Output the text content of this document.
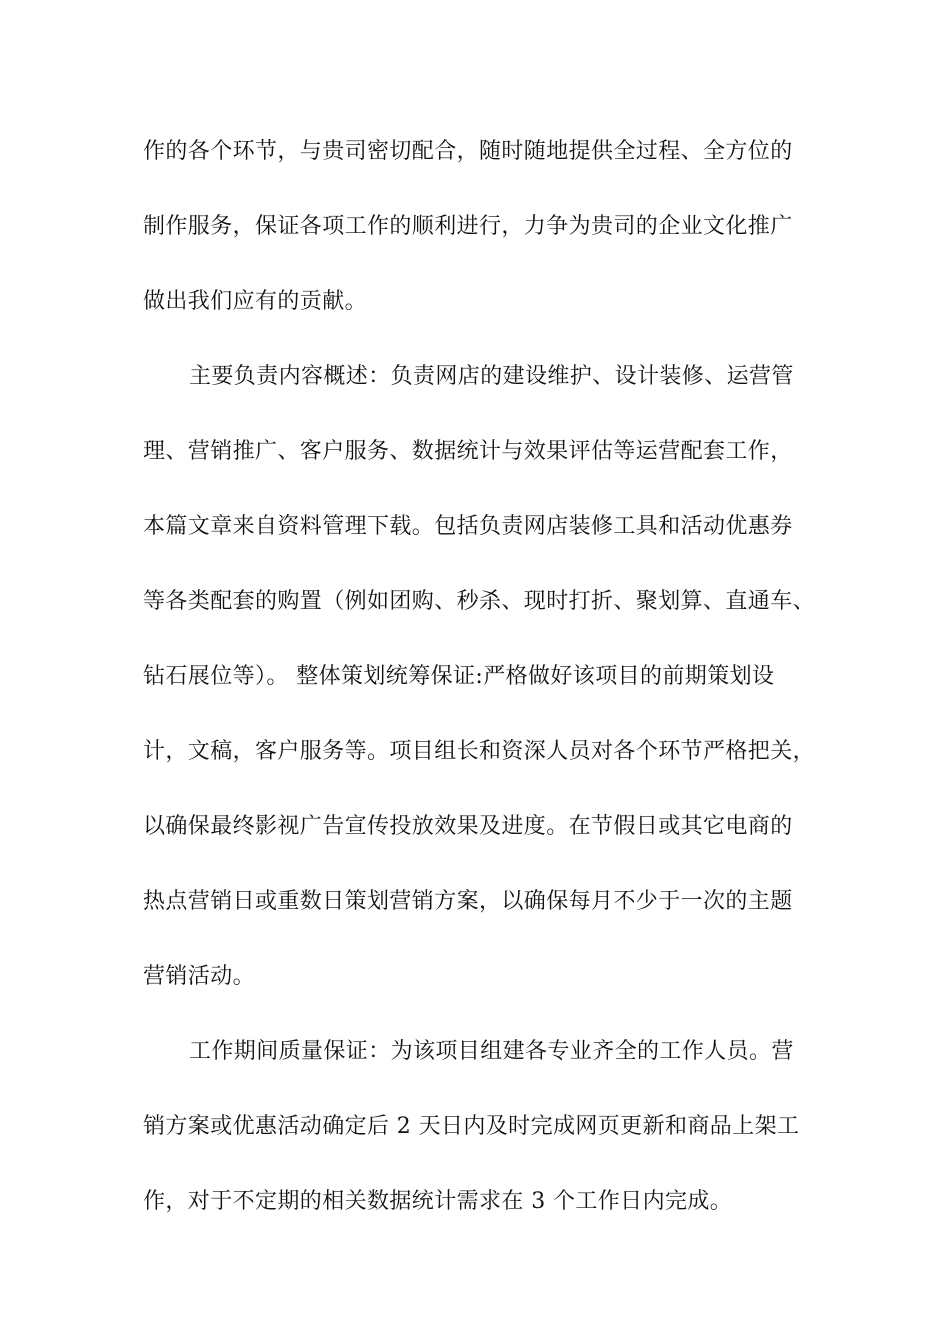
作的各个环节，与贵司密切配合，随时随地提供全过程、全方位的
制作服务，保证各项工作的顺利进行，力争为贵司的企业文化推广
做出我们应有的贡献。
主要负责内容概述：负责网店的建设维护、设计装修、运营管
理、营销推广、客户服务、数据统计与效果评估等运营配套工作，
本篇文章来自资料管理下载。包括负责网店装修工具和活动优惠券
等各类配套的购置（例如团购、秒杀、现时打折、聚划算、直通车、
钻石展位等）。 整体策划统筹保证:严格做好该项目的前期策划设
计，文稿，客户服务等。项目组长和资深人员对各个环节严格把关，
以确保最终影视广告宣传投放效果及进度。在节假日或其它电商的
热点营销日或重数日策划营销方案，以确保每月不少于一次的主题
营销活动。
工作期间质量保证：为该项目组建各专业齐全的工作人员。营
销方案或优惠活动确定后 2 天日内及时完成网页更新和商品上架工
作，对于不定期的相关数据统计需求在 3 个工作日内完成。
